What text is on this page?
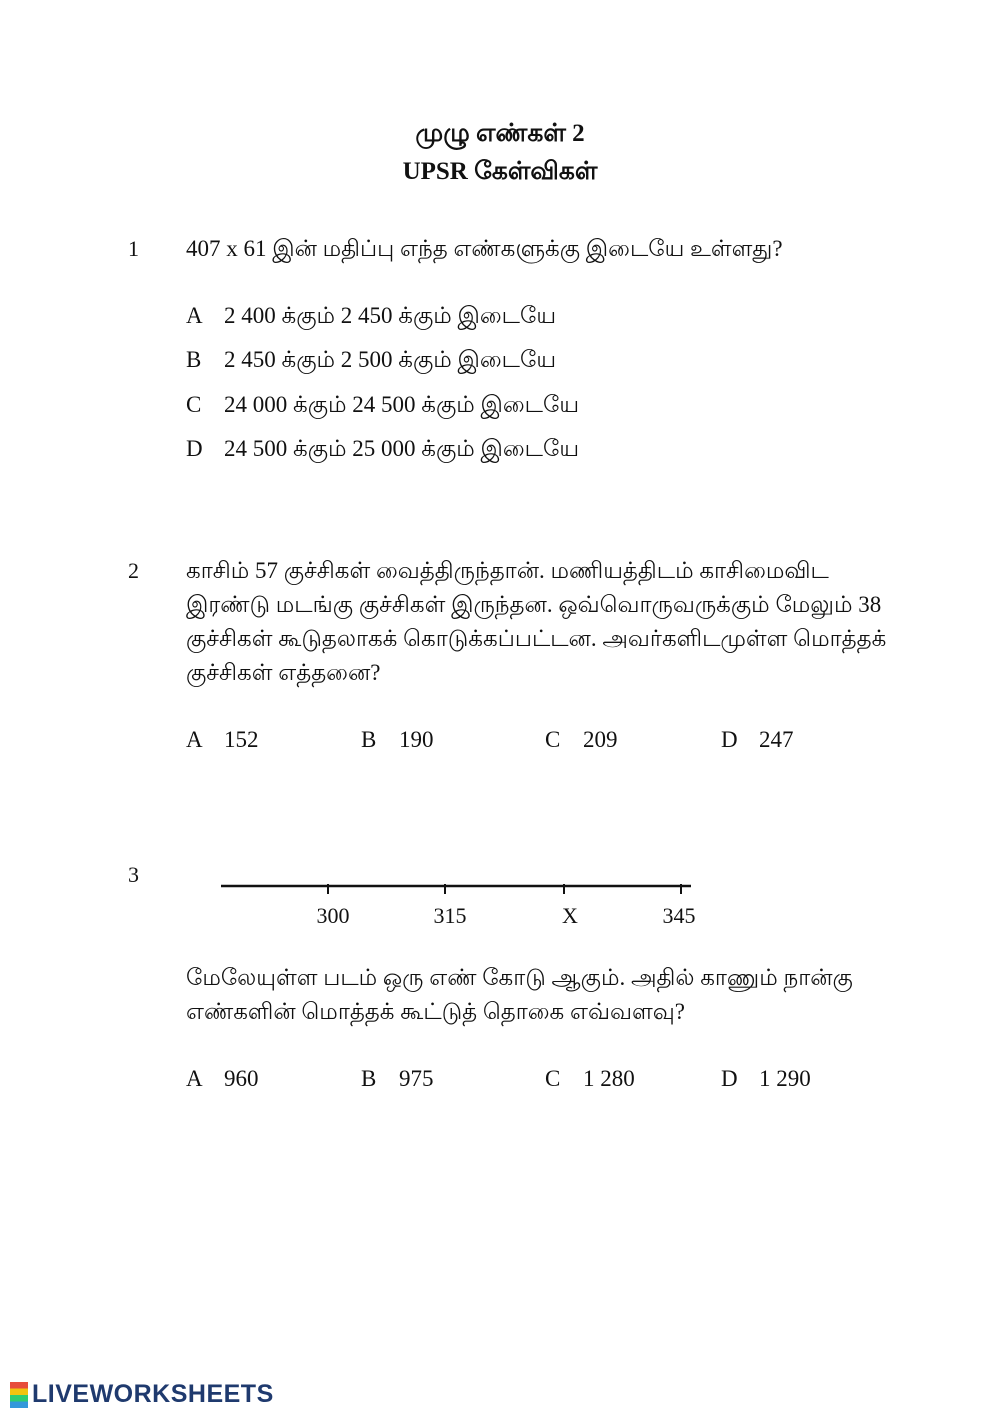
முழு எண்கள் 2
UPSR கேள்விகள்
1 407 x 61 இன் மதிப்பு எந்த எண்களுக்கு இடையே உள்ளது?
A 2 400 க்கும் 2 450 க்கும் இடையே
B 2 450 க்கும் 2 500 க்கும் இடையே
C 24 000 க்கும் 24 500 க்கும் இடையே
D 24 500 க்கும் 25 000 க்கும் இடையே
2 காசிம் 57 குச்சிகள் வைத்திருந்தான். மணியத்திடம் காசிமைவிட
இரண்டு மடங்கு குச்சிகள் இருந்தன. ஒவ்வொருவருக்கும் மேலும் 38
குச்சிகள் கூடுதலாகக் கொடுக்கப்பட்டன. அவர்களிடமுள்ள மொத்தக்
குச்சிகள் எத்தனை?
A 152	B 190	C 209	D 247
3
300	315	X	345
மேலேயுள்ள படம் ஒரு எண் கோடு ஆகும். அதில் காணும் நான்கு
எண்களின் மொத்தக் கூட்டுத் தொகை எவ்வளவு?
A 960	B 975	C 1 280	D 1 290
LIVEWORKSHEETS
